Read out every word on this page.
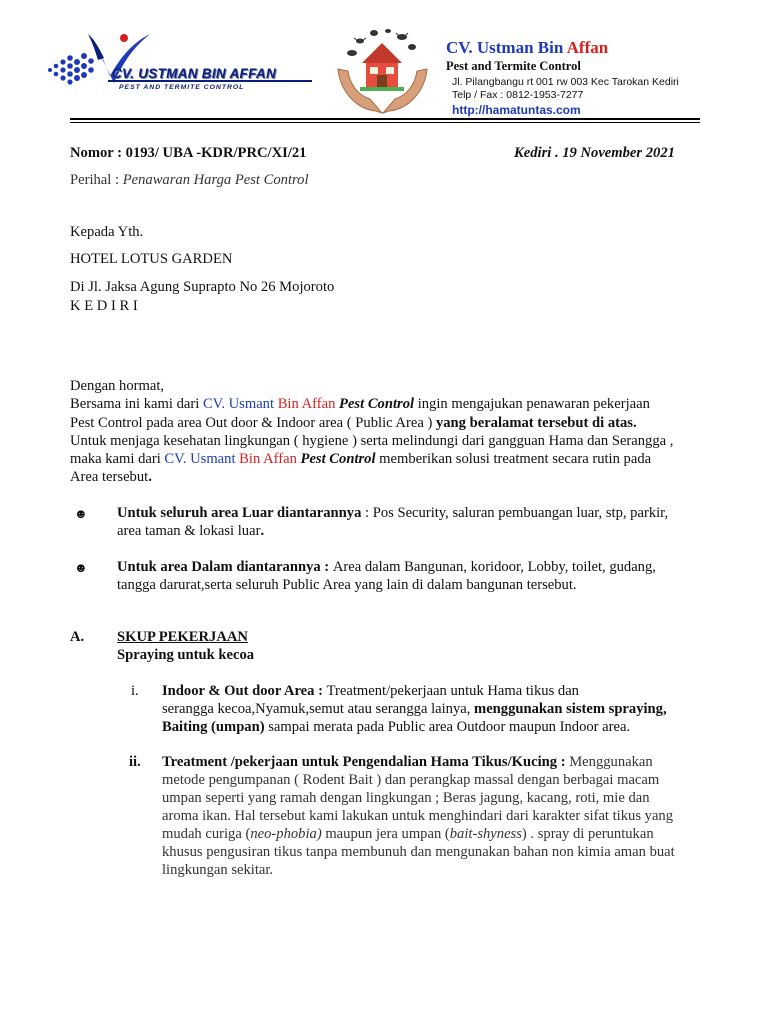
CV. USTMAN BIN AFFAN
PEST AND TERMITE CONTROL
CV. Ustman Bin Affan
Pest and Termite Control
Jl. Pilangbangu rt 001 rw 003 Kec Tarokan Kediri
Telp / Fax : 0812-1953-7277
http://hamatuntas.com
Nomor : 0193/ UBA -KDR/PRC/XI/21	Kediri . 19 November 2021
Perihal : Penawaran Harga Pest Control
Kepada Yth.
HOTEL LOTUS GARDEN
Di Jl. Jaksa Agung Suprapto No 26 Mojoroto
K E D I R I
Dengan hormat,
Bersama ini kami dari CV. Usmant Bin Affan Pest Control ingin mengajukan penawaran pekerjaan
Pest Control pada area Out door & Indoor area ( Public Area ) yang beralamat tersebut di atas.
Untuk menjaga kesehatan lingkungan ( hygiene ) serta melindungi dari gangguan Hama dan Serangga ,
maka kami dari CV. Usmant Bin Affan Pest Control memberikan solusi treatment secara rutin pada
Area tersebut.
☻ Untuk seluruh area Luar diantarannya : Pos Security, saluran pembuangan luar, stp, parkir,
area taman & lokasi luar.
☻ Untuk area Dalam diantarannya : Area dalam Bangunan, koridoor, Lobby, toilet, gudang,
tangga darurat,serta seluruh Public Area yang lain di dalam bangunan tersebut.
A. SKUP PEKERJAAN
Spraying untuk kecoa
i. Indoor & Out door Area : Treatment/pekerjaan untuk Hama tikus dan
serangga kecoa,Nyamuk,semut atau serangga lainya, menggunakan sistem spraying,
Baiting (umpan) sampai merata pada Public area Outdoor maupun Indoor area.
ii. Treatment /pekerjaan untuk Pengendalian Hama Tikus/Kucing : Menggunakan
metode pengumpanan ( Rodent Bait ) dan perangkap massal dengan berbagai macam
umpan seperti yang ramah dengan lingkungan ; Beras jagung, kacang, roti, mie dan
aroma ikan. Hal tersebut kami lakukan untuk menghindari dari karakter sifat tikus yang
mudah curiga (neo-phobia) maupun jera umpan (bait-shyness) . spray di peruntukan
khusus pengusiran tikus tanpa membunuh dan mengunakan bahan non kimia aman buat
lingkungan sekitar.
